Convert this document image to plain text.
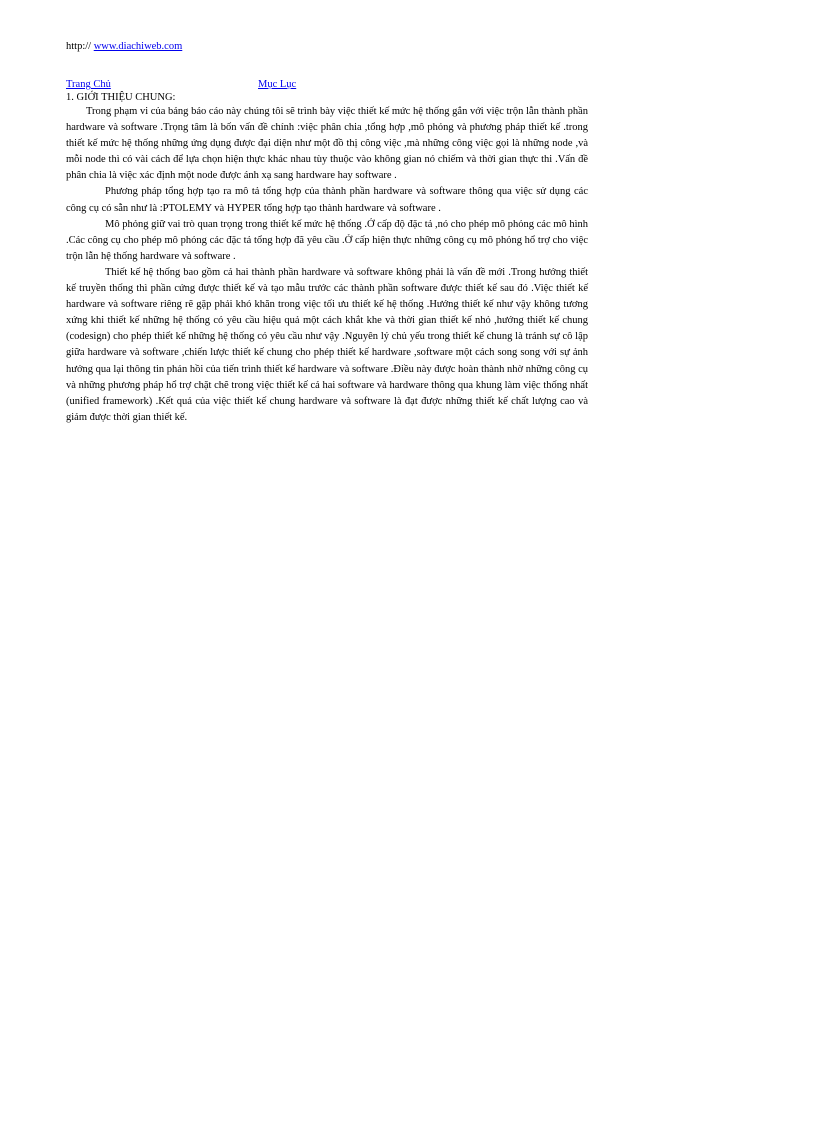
http:// www.diachiweb.com
Trang Chủ	Mục Lục

1. GIỚI THIỆU CHUNG:

Trong phạm vi của bảng báo cáo này chúng tôi sẽ trình bày việc thiết kế mức hệ thống gắn với việc trộn lẫn thành phần hardware và software .Trọng tâm là bốn vấn đề chính :việc phân chia ,tổng hợp ,mô phỏng và phương pháp thiết kế .trong thiết kế mức hệ thống những ứng dụng được đại diện như một đồ thị công việc ,mà những công việc gọi là những node ,và mỗi node thì có vài cách để lựa chọn hiện thực khác nhau tùy thuộc vào không gian nó chiếm và thời gian thực thi .Vấn đề phân chia là việc xác định một node được ánh xạ sang hardware hay software .

Phương pháp tổng hợp tạo ra mô tả tổng hợp của thành phần hardware và software thông qua việc sử dụng các công cụ có sẵn như là :PTOLEMY và HYPER tổng hợp tạo thành hardware và software .

Mô phỏng giữ vai trò quan trọng trong thiết kế mức hệ thống .Ở cấp độ đặc tả ,nó cho phép mô phỏng các mô hình .Các công cụ cho phép mô phỏng các đặc tả tổng hợp đã yêu cầu .Ở cấp hiện thực những công cụ mô phỏng hổ trợ cho việc trộn lẫn hệ thống hardware và software .

Thiết kế hệ thống bao gồm cả hai thành phần hardware và software không phải là vấn đề mới .Trong hướng thiết kế truyền thống thì phần cứng được thiết kế và tạo mẫu trước các thành phần software được thiết kế sau đó .Việc thiết kế hardware và software riêng rẽ gặp phải khó khăn trong việc tối ưu thiết kế hệ thống .Hướng thiết kế như vậy không tương xứng khi thiết kế những hệ thống có yêu cầu hiệu quả một cách khắt khe và thời gian thiết kế nhỏ ,hướng thiết kế chung (codesign) cho phép thiết kế những hệ thống có yêu cầu như vậy .Nguyên lý chủ yếu trong thiết kế chung là tránh sự cô lập giữa hardware và software ,chiến lược thiết kế chung cho phép thiết kế hardware ,software một cách song song với sự ảnh hưởng qua lại thông tin phản hồi của tiến trình thiết kế hardware và software .Điều này được hoàn thành nhờ những công cụ và những phương pháp hổ trợ chặt chẽ trong việc thiết kế cả hai software và hardware thông qua khung làm việc thống nhất (unified framework) .Kết quả của việc thiết kế chung hardware và software là đạt được những thiết kế chất lượng cao và giảm được thời gian thiết kế.
